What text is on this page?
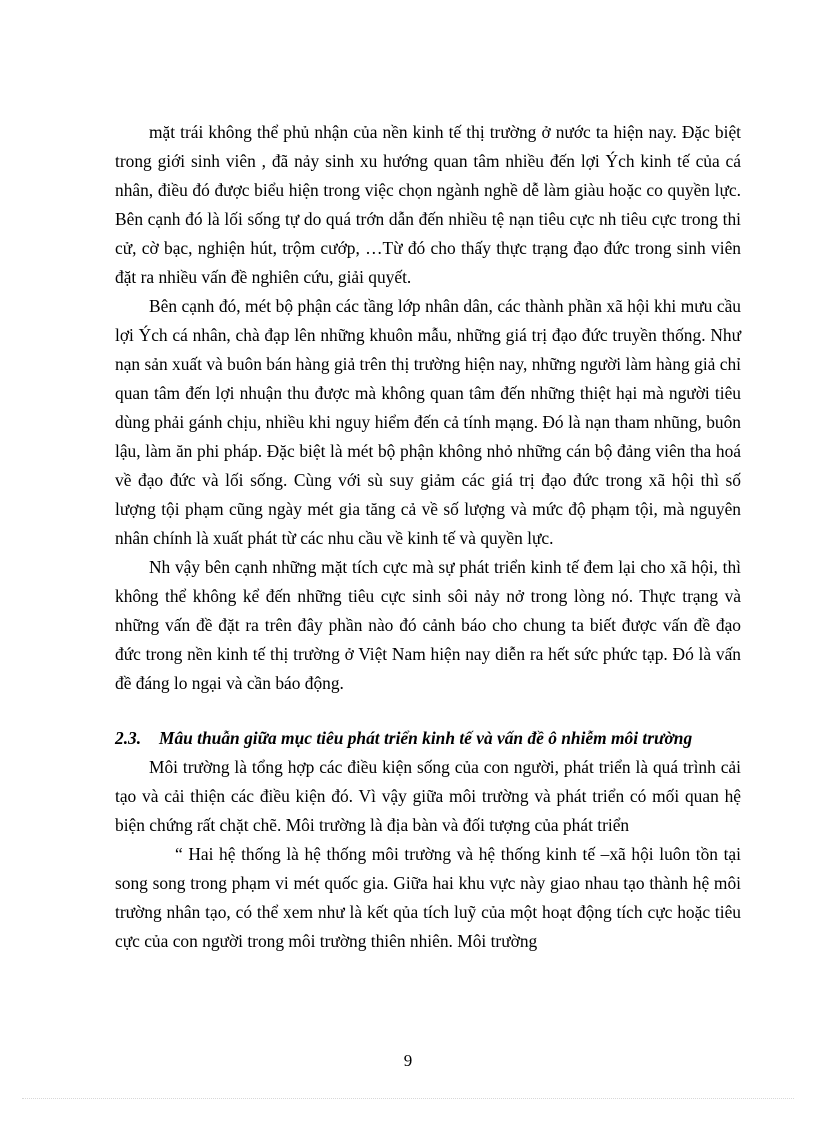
mặt trái không thể phủ nhận của nền kinh tế thị trường ở nước ta hiện nay. Đặc biệt trong giới sinh viên , đã nảy sinh xu hướng quan tâm nhiều đến lợi Ých kinh tế của cá nhân, điều đó được biểu hiện trong việc chọn ngành nghề dễ làm giàu hoặc co quyền lực. Bên cạnh đó là lối sống tự do quá trớn dẫn đến nhiều tệ nạn tiêu cực nh tiêu cực trong thi cử, cờ bạc, nghiện hút, trộm cướp, …Từ đó cho thấy thực trạng đạo đức trong sinh viên đặt ra nhiều vấn đề nghiên cứu, giải quyết.

Bên cạnh đó, mét bộ phận các tầng lớp nhân dân, các thành phần xã hội khi mưu cầu lợi Ých cá nhân, chà đạp lên những khuôn mẫu, những giá trị đạo đức truyền thống. Như nạn sản xuất và buôn bán hàng giả trên thị trường hiện nay, những người làm hàng giả chỉ quan tâm đến lợi nhuận thu được mà không quan tâm đến những thiệt hại mà người tiêu dùng phải gánh chịu, nhiều khi nguy hiểm đến cả tính mạng. Đó là nạn tham nhũng, buôn lậu, làm ăn phi pháp. Đặc biệt là mét bộ phận không nhỏ những cán bộ đảng viên tha hoá về đạo đức và lối sống. Cùng với sù suy giảm các giá trị đạo đức trong xã hội thì số lượng tội phạm cũng ngày mét gia tăng cả về số lượng và mức độ phạm tội, mà nguyên nhân chính là xuất phát từ các nhu cầu về kinh tế và quyền lực.

Nh vậy bên cạnh những mặt tích cực mà sự phát triển kinh tế đem lại cho xã hội, thì không thể không kể đến những tiêu cực sinh sôi nảy nở trong lòng nó. Thực trạng và những vấn đề đặt ra trên đây phần nào đó cảnh báo cho chung ta biết được vấn đề đạo đức trong nền kinh tế thị trường ở Việt Nam hiện nay diễn ra hết sức phức tạp. Đó là vấn đề đáng lo ngại và cần báo động.

2.3. Mâu thuẫn giữa mục tiêu phát triển kinh tế và vấn đề ô nhiễm môi trường

Môi trường là tổng hợp các điều kiện sống của con người, phát triển là quá trình cải tạo và cải thiện các điều kiện đó. Vì vậy giữa môi trường và phát triển có mối quan hệ biện chứng rất chặt chẽ. Môi trường là địa bàn và đối tượng của phát triển

“ Hai hệ thống là hệ thống môi trường và hệ thống kinh tế –xã hội luôn tồn tại song song trong phạm vi mét quốc gia. Giữa hai khu vực này giao nhau tạo thành hệ môi trường nhân tạo, có thể xem như là kết qủa tích luỹ của một hoạt động tích cực hoặc tiêu cực của con người trong môi trường thiên nhiên. Môi trường

9
